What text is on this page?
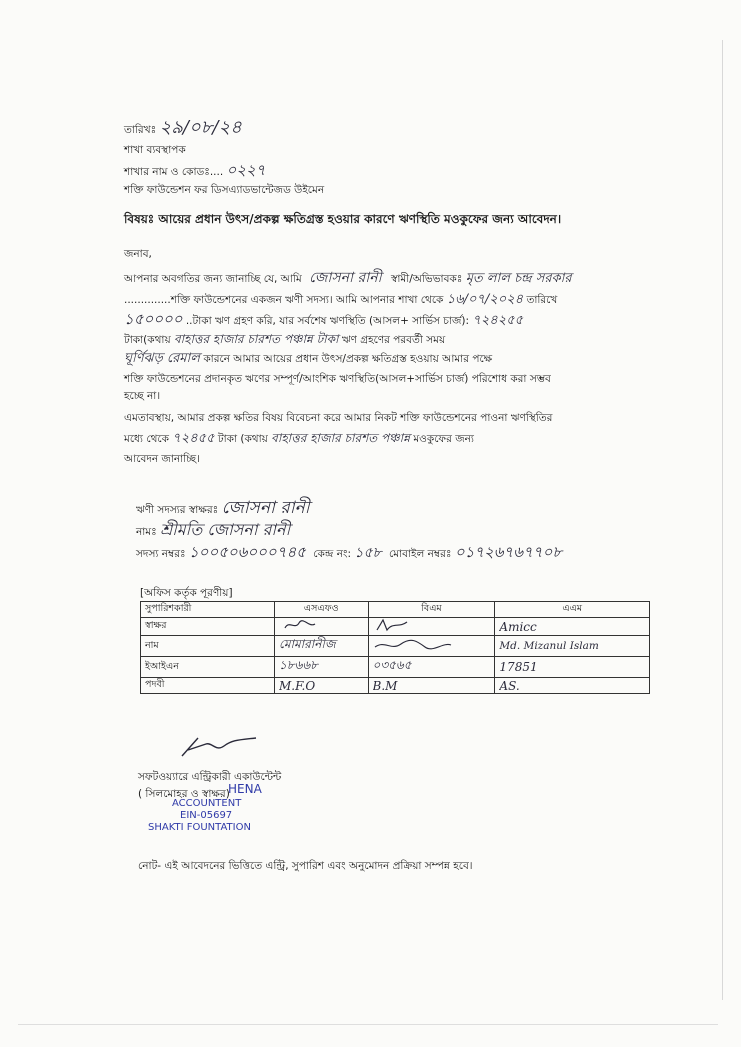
তারিখঃ ২৯/০৮/২৪
শাখা ব্যবস্থাপক
শাখার নাম ও কোডঃ.... ০২২৭
শক্তি ফাউন্ডেশন ফর ডিসএ্যাডভান্টেজড উইমেন
বিষয়ঃ আয়ের প্রধান উৎস/প্রকল্প ক্ষতিগ্রস্ত হওয়ার কারণে ঋণস্থিতি মওকুফের জন্য আবেদন।
জনাব,
আপনার অবগতির জন্য জানাচ্ছি যে, আমি জোসনা রানী স্বামী/অভিভাবকঃ মৃত লাল চন্দ্র সরকার
..............শক্তি ফাউন্ডেশনের একজন ঋণী সদস্য। আমি আপনার শাখা থেকে ১৬/০৭/২০২৪ তারিখে
১৫০০০০ ..টাকা ঋণ গ্রহণ করি, যার সর্বশেষ ঋণস্থিতি (আসল+ সার্ভিস চার্জ): ৭২৪২৫৫
টাকা(কথায় বাহাত্তর হাজার চারশত পঞ্চান্ন টাকা ঋণ গ্রহণের পরবর্তী সময়
ঘূর্ণিঝড় রেমাল কারনে আমার আয়ের প্রধান উৎস/প্রকল্প ক্ষতিগ্রস্ত হওয়ায় আমার পক্ষে
শক্তি ফাউন্ডেশনের প্রদানকৃত ঋণের সম্পূর্ণ/আংশিক ঋণস্থিতি(আসল+সার্ভিস চার্জ) পরিশোধ করা সম্ভব
হচ্ছে না।
এমতাবস্থায়, আমার প্রকল্প ক্ষতির বিষয় বিবেচনা করে আমার নিকট শক্তি ফাউন্ডেশনের পাওনা ঋণস্থিতির
মধ্যে থেকে ৭২৪৫৫ টাকা (কথায় বাহাত্তর হাজার চারশত পঞ্চান্ন মওকুফের জন্য
আবেদন জানাচ্ছি।
ঋণী সদস্যর স্বাক্ষরঃ জোসনা রানী
নামঃ শ্রীমতি জোসনা রানী
সদস্য নম্বরঃ ১০০৫০৬০০০৭৪৫ কেন্দ্র নং: ১৫৮ মোবাইল নম্বরঃ ০১৭২৬৭৬৭৭০৮
[অফিস কর্তৃক পূরণীয়]
সুপারিশকারী	এসএফও	বিএম	এএম
স্বাক্ষর			Amicc

নাম	মোমারানীজ		Md. Mizanul Islam

ইআইএন	১৮৬৬৮	০৩৫৬৫	17851

পদবী	M.F.O	B.M	AS.
সফটওয়্যারে এন্ট্রিকারী একাউন্টেন্ট
( সিলমোহর ও স্বাক্ষর)
HENA
ACCOUNTENT
EIN-05697
SHAKTI FOUNTATION
নোট- এই আবেদনের ভিত্তিতে এন্ট্রি, সুপারিশ এবং অনুমোদন প্রক্রিয়া সম্পন্ন হবে।
